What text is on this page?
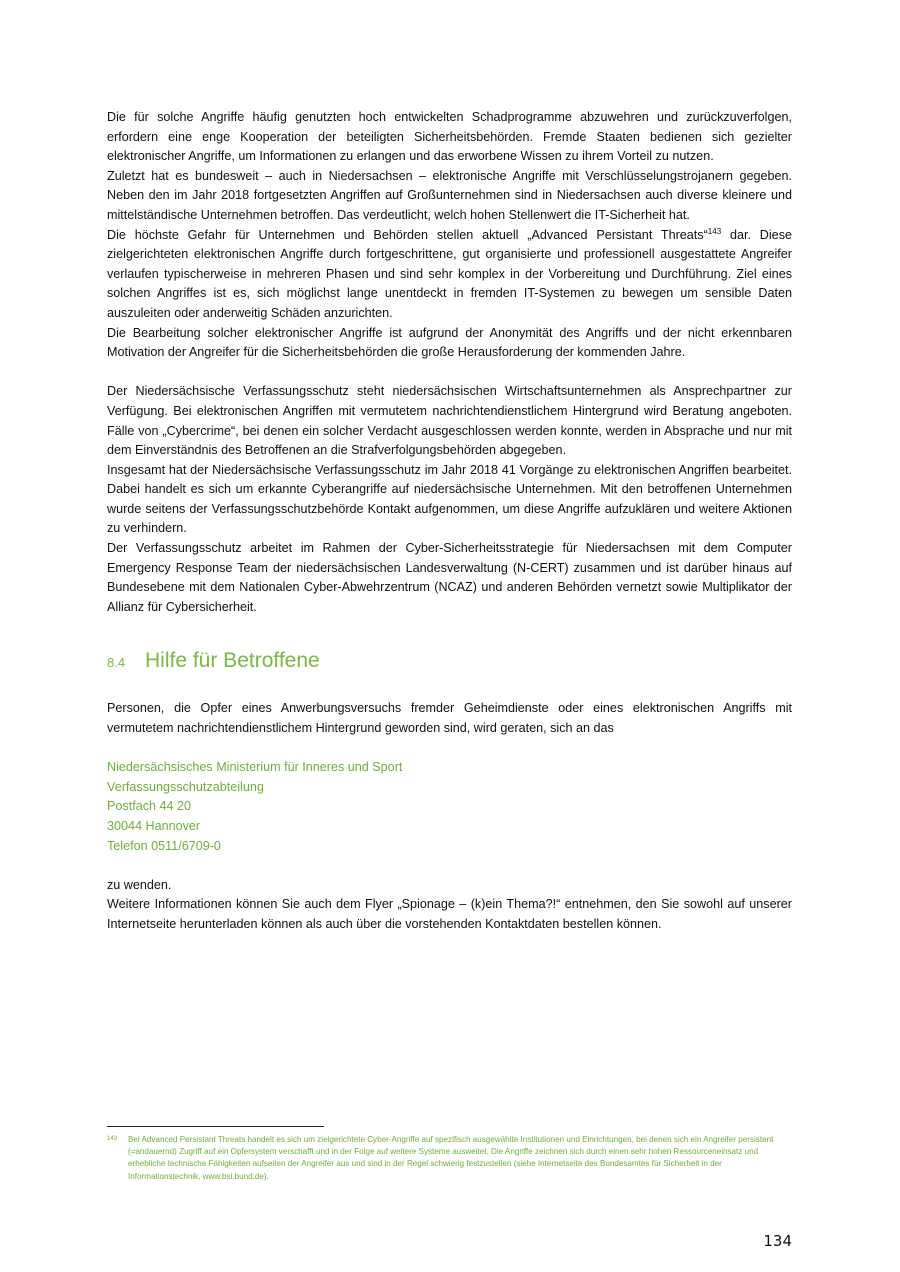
Die für solche Angriffe häufig genutzten hoch entwickelten Schadprogramme abzuwehren und zurückzuverfolgen, erfordern eine enge Kooperation der beteiligten Sicherheitsbehörden. Fremde Staaten bedienen sich gezielter elektronischer Angriffe, um Informationen zu erlangen und das erworbene Wissen zu ihrem Vorteil zu nutzen.

Zuletzt hat es bundesweit – auch in Niedersachsen – elektronische Angriffe mit Verschlüsselungstrojanern gegeben. Neben den im Jahr 2018 fortgesetzten Angriffen auf Großunternehmen sind in Niedersachsen auch diverse kleinere und mittelständische Unternehmen betroffen. Das verdeutlicht, welch hohen Stellenwert die IT-Sicherheit hat.

Die höchste Gefahr für Unternehmen und Behörden stellen aktuell „Advanced Persistant Threats“$^{143}$ dar. Diese zielgerichteten elektronischen Angriffe durch fortgeschrittene, gut organisierte und professionell ausgestattete Angreifer verlaufen typischerweise in mehreren Phasen und sind sehr komplex in der Vorbereitung und Durchführung. Ziel eines solchen Angriffes ist es, sich möglichst lange unentdeckt in fremden IT-Systemen zu bewegen um sensible Daten auszuleiten oder anderweitig Schäden anzurichten.

Die Bearbeitung solcher elektronischer Angriffe ist aufgrund der Anonymität des Angriffs und der nicht erkennbaren Motivation der Angreifer für die Sicherheitsbehörden die große Herausforderung der kommenden Jahre.

Der Niedersächsische Verfassungsschutz steht niedersächsischen Wirtschaftsunternehmen als Ansprechpartner zur Verfügung. Bei elektronischen Angriffen mit vermutetem nachrichtendienstlichem Hintergrund wird Beratung angeboten. Fälle von „Cybercrime“, bei denen ein solcher Verdacht ausgeschlossen werden konnte, werden in Absprache und nur mit dem Einverständnis des Betroffenen an die Strafverfolgungsbehörden abgegeben.

Insgesamt hat der Niedersächsische Verfassungsschutz im Jahr 2018 41 Vorgänge zu elektronischen Angriffen bearbeitet. Dabei handelt es sich um erkannte Cyberangriffe auf niedersächsische Unternehmen. Mit den betroffenen Unternehmen wurde seitens der Verfassungsschutzbehörde Kontakt aufgenommen, um diese Angriffe aufzuklären und weitere Aktionen zu verhindern.

Der Verfassungsschutz arbeitet im Rahmen der Cyber-Sicherheitsstrategie für Niedersachsen mit dem Computer Emergency Response Team der niedersächsischen Landesverwaltung (N-CERT) zusammen und ist darüber hinaus auf Bundesebene mit dem Nationalen Cyber-Abwehrzentrum (NCAZ) und anderen Behörden vernetzt sowie Multiplikator der Allianz für Cybersicherheit.

8.4 Hilfe für Betroffene

Personen, die Opfer eines Anwerbungsversuchs fremder Geheimdienste oder eines elektronischen Angriffs mit vermutetem nachrichtendienstlichem Hintergrund geworden sind, wird geraten, sich an das

Niedersächsisches Ministerium für Inneres und Sport
Verfassungsschutzabteilung
Postfach 44 20
30044 Hannover
Telefon 0511/6709-0

zu wenden.

Weitere Informationen können Sie auch dem Flyer „Spionage – (k)ein Thema?!“ entnehmen, den Sie sowohl auf unserer Internetseite herunterladen können als auch über die vorstehenden Kontaktdaten bestellen können.

143	Bei Advanced Persistant Threats handelt es sich um zielgerichtete Cyber-Angriffe auf spezifisch ausgewählte Institutionen und Einrichtungen, bei denen sich ein Angreifer persistent (=andauernd) Zugriff auf ein Opfersystem verschafft und in der Folge auf weitere Systeme ausweitet. Die Angriffe zeichnen sich durch einen sehr hohen Ressourceneinsatz und erhebliche technische Fähigkeiten aufseiten der Angreifer aus und sind in der Regel schwierig festzustellen (siehe Internetseite des Bundesamtes für Sicherheit in der Informationstechnik, www.bsi.bund.de).
134
